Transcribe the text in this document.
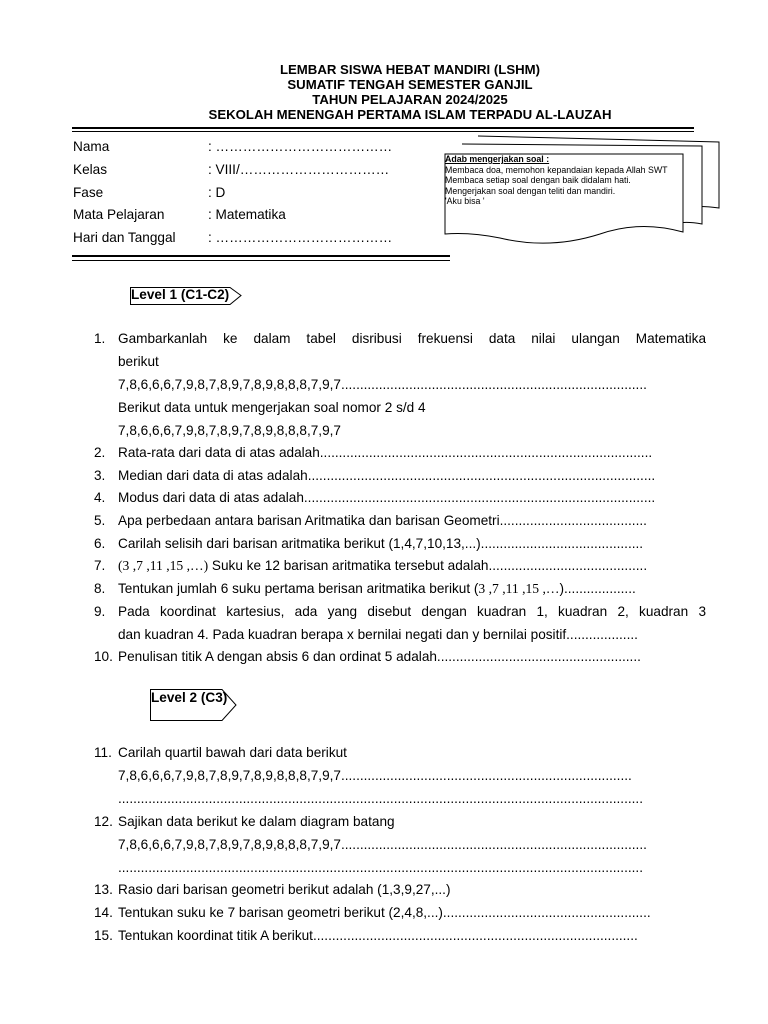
LEMBAR SISWA HEBAT MANDIRI (LSHM)
SUMATIF TENGAH SEMESTER GANJIL
TAHUN PELAJARAN 2024/2025
SEKOLAH MENENGAH PERTAMA ISLAM TERPADU AL-LAUZAH
Nama	: …………………………………
Kelas	: VIII/……………………………
Fase	: D
Mata Pelajaran	: Matematika
Hari dan Tanggal : …………………………………
Adab mengerjakan soal :
Membaca doa, memohon kepandaian kepada Allah SWT
Membaca setiap soal dengan baik didalam hati.
Mengerjakan soal dengan teliti dan mandiri.
'Aku bisa '
Level 1 (C1-C2)
1. Gambarkanlah ke dalam tabel disribusi frekuensi data nilai ulangan Matematika
berikut
7,8,6,6,6,7,9,8,7,8,9,7,8,9,8,8,8,7,9,7.................................................................................
Berikut data untuk mengerjakan soal nomor 2 s/d 4
7,8,6,6,6,7,9,8,7,8,9,7,8,9,8,8,8,7,9,7
2. Rata-rata dari data di atas adalah........................................................................................
3. Median dari data di atas adalah............................................................................................
4. Modus dari data di atas adalah.............................................................................................
5. Apa perbedaan antara barisan Aritmatika dan barisan Geometri.......................................
6. Carilah selisih dari barisan aritmatika berikut (1,4,7,10,13,...)...........................................
7. (3 ,7 ,11 ,15 ,…) Suku ke 12 barisan aritmatika tersebut adalah..........................................
8. Tentukan jumlah 6 suku pertama berisan aritmatika berikut (3 ,7 ,11 ,15 ,…)...................
9. Pada koordinat kartesius, ada yang disebut dengan kuadran 1, kuadran 2, kuadran 3
dan kuadran 4. Pada kuadran berapa x bernilai negati dan y bernilai positif...................
10. Penulisan titik A dengan absis 6 dan ordinat 5 adalah......................................................
Level 2 (C3)
11. Carilah quartil bawah dari data berikut
7,8,6,6,6,7,9,8,7,8,9,7,8,9,8,8,8,7,9,7.............................................................................
...........................................................................................................................................
12. Sajikan data berikut ke dalam diagram batang
7,8,6,6,6,7,9,8,7,8,9,7,8,9,8,8,8,7,9,7.................................................................................
...........................................................................................................................................
13. Rasio dari barisan geometri berikut adalah (1,3,9,27,...)
14. Tentukan suku ke 7 barisan geometri berikut (2,4,8,...).......................................................
15. Tentukan koordinat titik A berikut......................................................................................
